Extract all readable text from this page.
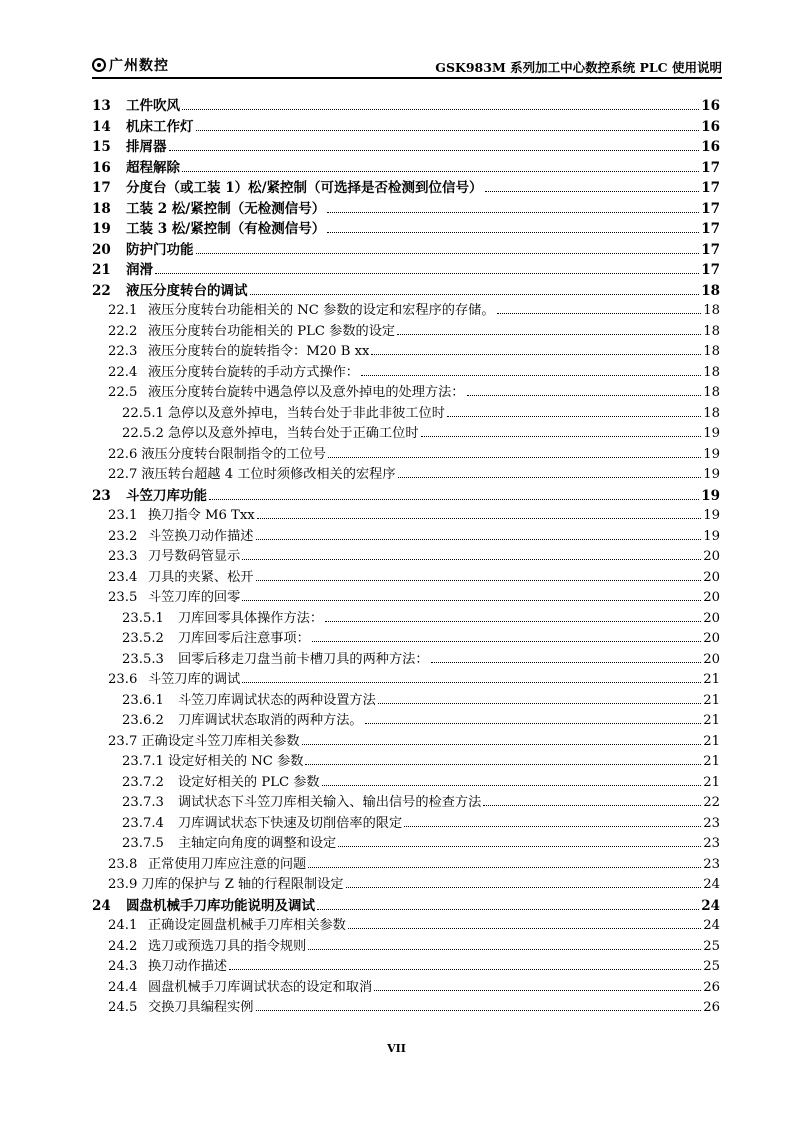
广州数控	GSK983M 系列加工中心数控系统 PLC 使用说明
13	工件吹风	16
14	机床工作灯	16
15	排屑器	16
16	超程解除	17
17	分度台（或工装 1）松/紧控制（可选择是否检测到位信号）	17
18	工装 2 松/紧控制（无检测信号）	17
19	工装 3 松/紧控制（有检测信号）	17
20	防护门功能	17
21	润滑	17
22	液压分度转台的调试	18
22.1 液压分度转台功能相关的 NC 参数的设定和宏程序的存储。	18
22.2 液压分度转台功能相关的 PLC 参数的设定	18
22.3 液压分度转台的旋转指令：M20 B xx	18
22.4 液压分度转台旋转的手动方式操作：	18
22.5 液压分度转台旋转中遇急停以及意外掉电的处理方法：	18
22.5.1 急停以及意外掉电，当转台处于非此非彼工位时	18
22.5.2 急停以及意外掉电，当转台处于正确工位时	19
22.6 液压分度转台限制指令的工位号	19
22.7 液压转台超越 4 工位时须修改相关的宏程序	19
23	斗笠刀库功能	19
23.1 换刀指令 M6 Txx	19
23.2 斗笠换刀动作描述	19
23.3 刀号数码管显示	20
23.4 刀具的夹紧、松开	20
23.5 斗笠刀库的回零	20
23.5.1	刀库回零具体操作方法：	20
23.5.2	刀库回零后注意事项：	20
23.5.3	回零后移走刀盘当前卡槽刀具的两种方法：	20
23.6 斗笠刀库的调试	21
23.6.1	斗笠刀库调试状态的两种设置方法	21
23.6.2	刀库调试状态取消的两种方法。	21
23.7 正确设定斗笠刀库相关参数	21
23.7.1 设定好相关的 NC 参数	21
23.7.2	设定好相关的 PLC 参数	21
23.7.3	调试状态下斗笠刀库相关输入、输出信号的检查方法	22
23.7.4	刀库调试状态下快速及切削倍率的限定	23
23.7.5	主轴定向角度的调整和设定	23
23.8 正常使用刀库应注意的问题	23
23.9 刀库的保护与 Z 轴的行程限制设定	24
24	圆盘机械手刀库功能说明及调试	24
24.1 正确设定圆盘机械手刀库相关参数	24
24.2 选刀或预选刀具的指令规则	25
24.3 换刀动作描述	25
24.4 圆盘机械手刀库调试状态的设定和取消	26
24.5 交换刀具编程实例	26
VII
